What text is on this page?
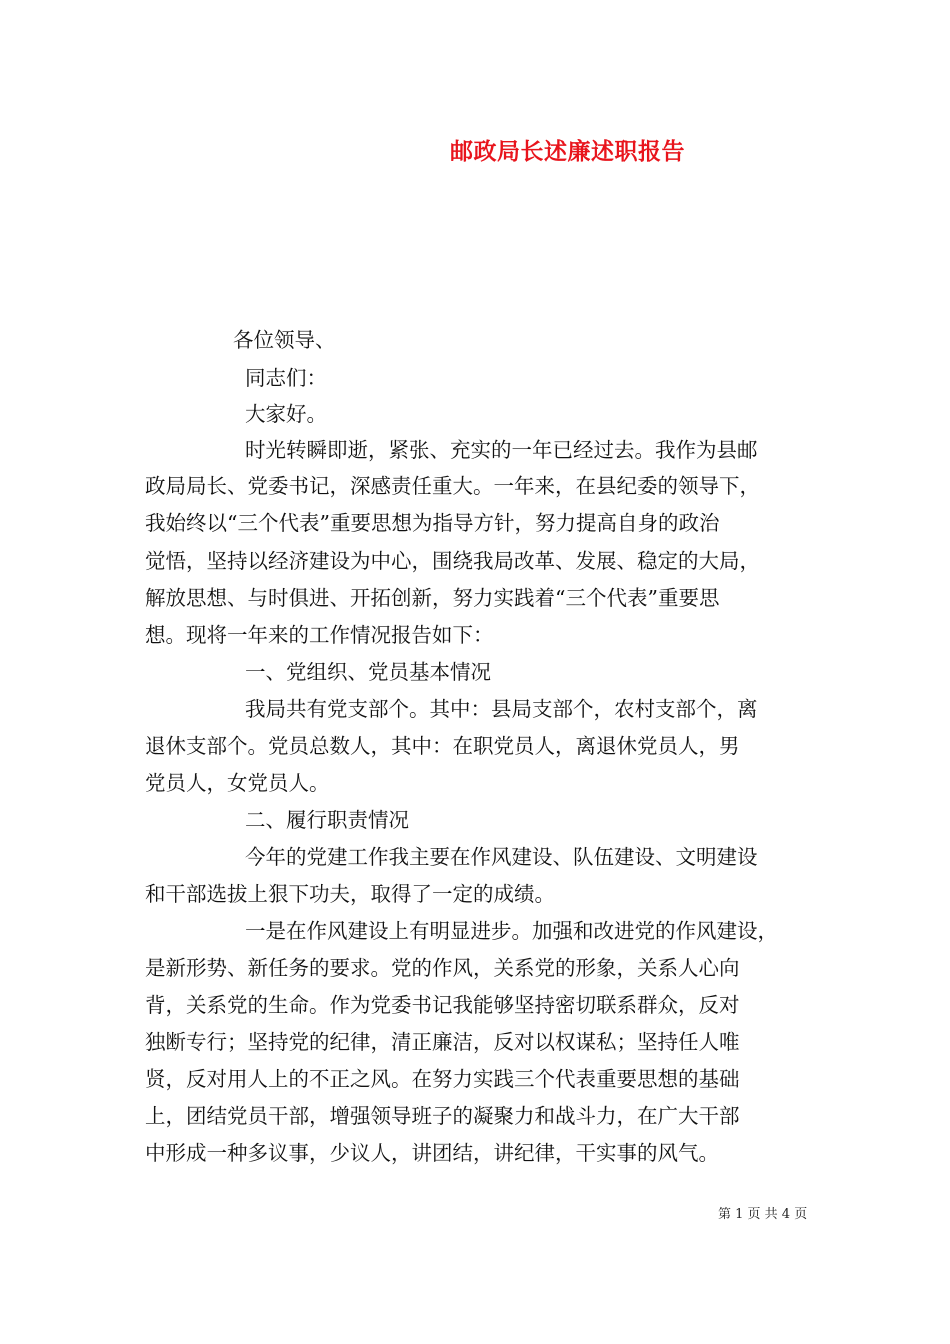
邮政局长述廉述职报告
各位领导、
同志们：
大家好。
时光转瞬即逝，紧张、充实的一年已经过去。我作为县邮
政局局长、党委书记，深感责任重大。一年来，在县纪委的领导下，
我始终以“三个代表”重要思想为指导方针，努力提高自身的政治
觉悟，坚持以经济建设为中心，围绕我局改革、发展、稳定的大局，
解放思想、与时俱进、开拓创新，努力实践着“三个代表”重要思
想。现将一年来的工作情况报告如下：
一、党组织、党员基本情况
我局共有党支部个。其中：县局支部个，农村支部个，离
退休支部个。党员总数人，其中：在职党员人，离退休党员人，男
党员人，女党员人。
二、履行职责情况
今年的党建工作我主要在作风建设、队伍建设、文明建设
和干部选拔上狠下功夫，取得了一定的成绩。
一是在作风建设上有明显进步。加强和改进党的作风建设，
是新形势、新任务的要求。党的作风，关系党的形象，关系人心向
背，关系党的生命。作为党委书记我能够坚持密切联系群众，反对
独断专行；坚持党的纪律，清正廉洁，反对以权谋私；坚持任人唯
贤，反对用人上的不正之风。在努力实践三个代表重要思想的基础
上，团结党员干部，增强领导班子的凝聚力和战斗力，在广大干部
中形成一种多议事，少议人，讲团结，讲纪律，干实事的风气。
第 1 页 共 4 页
